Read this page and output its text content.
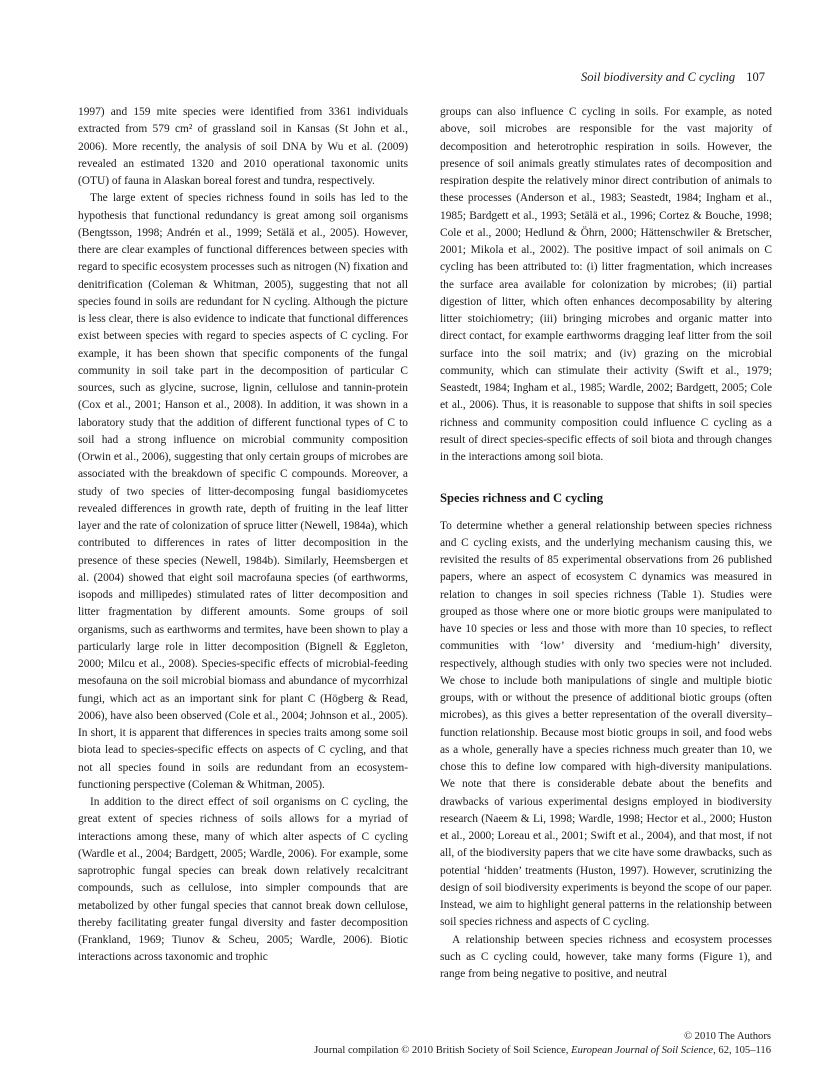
Soil biodiversity and C cycling 107

1997) and 159 mite species were identified from 3361 individuals extracted from 579 cm² of grassland soil in Kansas (St John et al., 2006). More recently, the analysis of soil DNA by Wu et al. (2009) revealed an estimated 1320 and 2010 operational taxonomic units (OTU) of fauna in Alaskan boreal forest and tundra, respectively.

The large extent of species richness found in soils has led to the hypothesis that functional redundancy is great among soil organisms (Bengtsson, 1998; Andrén et al., 1999; Setälä et al., 2005). However, there are clear examples of functional differences between species with regard to specific ecosystem processes such as nitrogen (N) fixation and denitrification (Coleman & Whitman, 2005), suggesting that not all species found in soils are redundant for N cycling. Although the picture is less clear, there is also evidence to indicate that functional differences exist between species with regard to species aspects of C cycling. For example, it has been shown that specific components of the fungal community in soil take part in the decomposition of particular C sources, such as glycine, sucrose, lignin, cellulose and tannin-protein (Cox et al., 2001; Hanson et al., 2008). In addition, it was shown in a laboratory study that the addition of different functional types of C to soil had a strong influence on microbial community composition (Orwin et al., 2006), suggesting that only certain groups of microbes are associated with the breakdown of specific C compounds. Moreover, a study of two species of litter-decomposing fungal basidiomycetes revealed differences in growth rate, depth of fruiting in the leaf litter layer and the rate of colonization of spruce litter (Newell, 1984a), which contributed to differences in rates of litter decomposition in the presence of these species (Newell, 1984b). Similarly, Heemsbergen et al. (2004) showed that eight soil macrofauna species (of earthworms, isopods and millipedes) stimulated rates of litter decomposition and litter fragmentation by different amounts. Some groups of soil organisms, such as earthworms and termites, have been shown to play a particularly large role in litter decomposition (Bignell & Eggleton, 2000; Milcu et al., 2008). Species-specific effects of microbial-feeding mesofauna on the soil microbial biomass and abundance of mycorrhizal fungi, which act as an important sink for plant C (Högberg & Read, 2006), have also been observed (Cole et al., 2004; Johnson et al., 2005). In short, it is apparent that differences in species traits among some soil biota lead to species-specific effects on aspects of C cycling, and that not all species found in soils are redundant from an ecosystem-functioning perspective (Coleman & Whitman, 2005).

In addition to the direct effect of soil organisms on C cycling, the great extent of species richness of soils allows for a myriad of interactions among these, many of which alter aspects of C cycling (Wardle et al., 2004; Bardgett, 2005; Wardle, 2006). For example, some saprotrophic fungal species can break down relatively recalcitrant compounds, such as cellulose, into simpler compounds that are metabolized by other fungal species that cannot break down cellulose, thereby facilitating greater fungal diversity and faster decomposition (Frankland, 1969; Tiunov & Scheu, 2005; Wardle, 2006). Biotic interactions across taxonomic and trophic

groups can also influence C cycling in soils. For example, as noted above, soil microbes are responsible for the vast majority of decomposition and heterotrophic respiration in soils. However, the presence of soil animals greatly stimulates rates of decomposition and respiration despite the relatively minor direct contribution of animals to these processes (Anderson et al., 1983; Seastedt, 1984; Ingham et al., 1985; Bardgett et al., 1993; Setälä et al., 1996; Cortez & Bouche, 1998; Cole et al., 2000; Hedlund & Öhrn, 2000; Hättenschwiler & Bretscher, 2001; Mikola et al., 2002). The positive impact of soil animals on C cycling has been attributed to: (i) litter fragmentation, which increases the surface area available for colonization by microbes; (ii) partial digestion of litter, which often enhances decomposability by altering litter stoichiometry; (iii) bringing microbes and organic matter into direct contact, for example earthworms dragging leaf litter from the soil surface into the soil matrix; and (iv) grazing on the microbial community, which can stimulate their activity (Swift et al., 1979; Seastedt, 1984; Ingham et al., 1985; Wardle, 2002; Bardgett, 2005; Cole et al., 2006). Thus, it is reasonable to suppose that shifts in soil species richness and community composition could influence C cycling as a result of direct species-specific effects of soil biota and through changes in the interactions among soil biota.

Species richness and C cycling

To determine whether a general relationship between species richness and C cycling exists, and the underlying mechanism causing this, we revisited the results of 85 experimental observations from 26 published papers, where an aspect of ecosystem C dynamics was measured in relation to changes in soil species richness (Table 1). Studies were grouped as those where one or more biotic groups were manipulated to have 10 species or less and those with more than 10 species, to reflect communities with ‘low’ diversity and ‘medium-high’ diversity, respectively, although studies with only two species were not included. We chose to include both manipulations of single and multiple biotic groups, with or without the presence of additional biotic groups (often microbes), as this gives a better representation of the overall diversity–function relationship. Because most biotic groups in soil, and food webs as a whole, generally have a species richness much greater than 10, we chose this to define low compared with high-diversity manipulations. We note that there is considerable debate about the benefits and drawbacks of various experimental designs employed in biodiversity research (Naeem & Li, 1998; Wardle, 1998; Hector et al., 2000; Huston et al., 2000; Loreau et al., 2001; Swift et al., 2004), and that most, if not all, of the biodiversity papers that we cite have some drawbacks, such as potential ‘hidden’ treatments (Huston, 1997). However, scrutinizing the design of soil biodiversity experiments is beyond the scope of our paper. Instead, we aim to highlight general patterns in the relationship between soil species richness and aspects of C cycling.

A relationship between species richness and ecosystem processes such as C cycling could, however, take many forms (Figure 1), and range from being negative to positive, and neutral

© 2010 The Authors
Journal compilation © 2010 British Society of Soil Science, European Journal of Soil Science, 62, 105–116
